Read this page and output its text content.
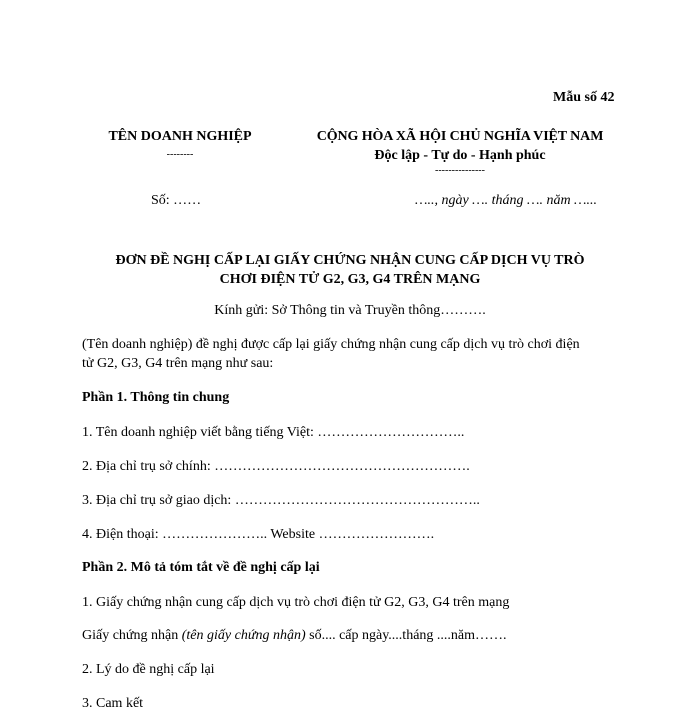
Mẫu số 42
TÊN DOANH NGHIỆP
--------
CỘNG HÒA XÃ HỘI CHỦ NGHĨA VIỆT NAM
Độc lập - Tự do - Hạnh phúc
---------------
Số: ……	….., ngày …. tháng …. năm …...
ĐƠN ĐỀ NGHỊ CẤP LẠI GIẤY CHỨNG NHẬN CUNG CẤP DỊCH VỤ TRÒ
CHƠI ĐIỆN TỬ G2, G3, G4 TRÊN MẠNG
Kính gửi: Sở Thông tin và Truyền thông……….
(Tên doanh nghiệp) đề nghị được cấp lại giấy chứng nhận cung cấp dịch vụ trò chơi điện
tử G2, G3, G4 trên mạng như sau:
Phần 1. Thông tin chung
1. Tên doanh nghiệp viết bằng tiếng Việt: …………………………..
2. Địa chỉ trụ sở chính: ……………………………………………….
3. Địa chỉ trụ sở giao dịch: ……………………………………………..
4. Điện thoại: ………………….. Website …………………….
Phần 2. Mô tả tóm tắt về đề nghị cấp lại
1. Giấy chứng nhận cung cấp dịch vụ trò chơi điện tử G2, G3, G4 trên mạng
Giấy chứng nhận (tên giấy chứng nhận) số.... cấp ngày....tháng ....năm…….
2. Lý do đề nghị cấp lại
3. Cam kết
